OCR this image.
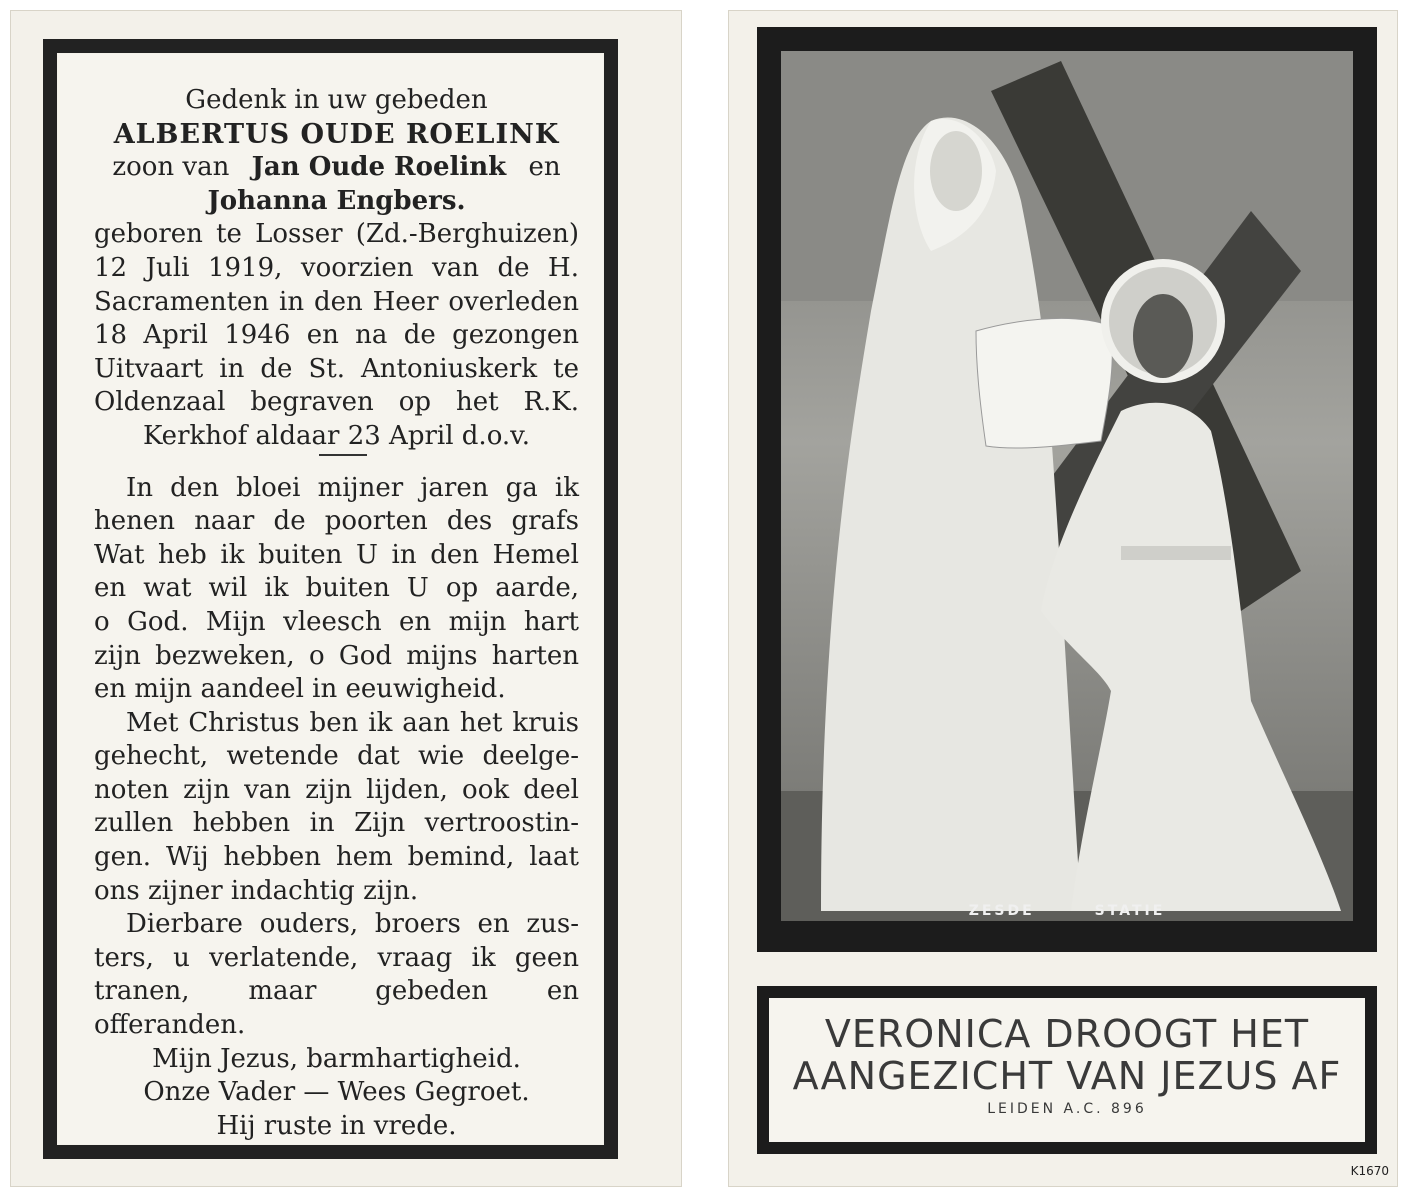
Gedenk in uw gebeden
ALBERTUS OUDE ROELINK
zoon van Jan Oude Roelink en
Johanna Engbers.
geboren te Losser (Zd.-Berghuizen)
12 Juli 1919, voorzien van de H.
Sacramenten in den Heer overleden
18 April 1946 en na de gezongen
Uitvaart in de St. Antoniuskerk te
Oldenzaal begraven op het R.K.
Kerkhof aldaar 23 April d.o.v.
In den bloei mijner jaren ga ik
henen naar de poorten des grafs
Wat heb ik buiten U in den Hemel
en wat wil ik buiten U op aarde,
o God. Mijn vleesch en mijn hart
zijn bezweken, o God mijns harten
en mijn aandeel in eeuwigheid.
Met Christus ben ik aan het kruis
gehecht, wetende dat wie deelge-
noten zijn van zijn lijden, ook deel
zullen hebben in Zijn vertroostin-
gen. Wij hebben hem bemind, laat
ons zijner indachtig zijn.
Dierbare ouders, broers en zus-
ters, u verlatende, vraag ik geen
tranen, maar gebeden en offeranden.
Mijn Jezus, barmhartigheid.
Onze Vader — Wees Gegroet.
Hij ruste in vrede.
ZESDE	STATIE
VERONICA DROOGT HET
AANGEZICHT VAN JEZUS AF
LEIDEN A.C. 896
K1670
